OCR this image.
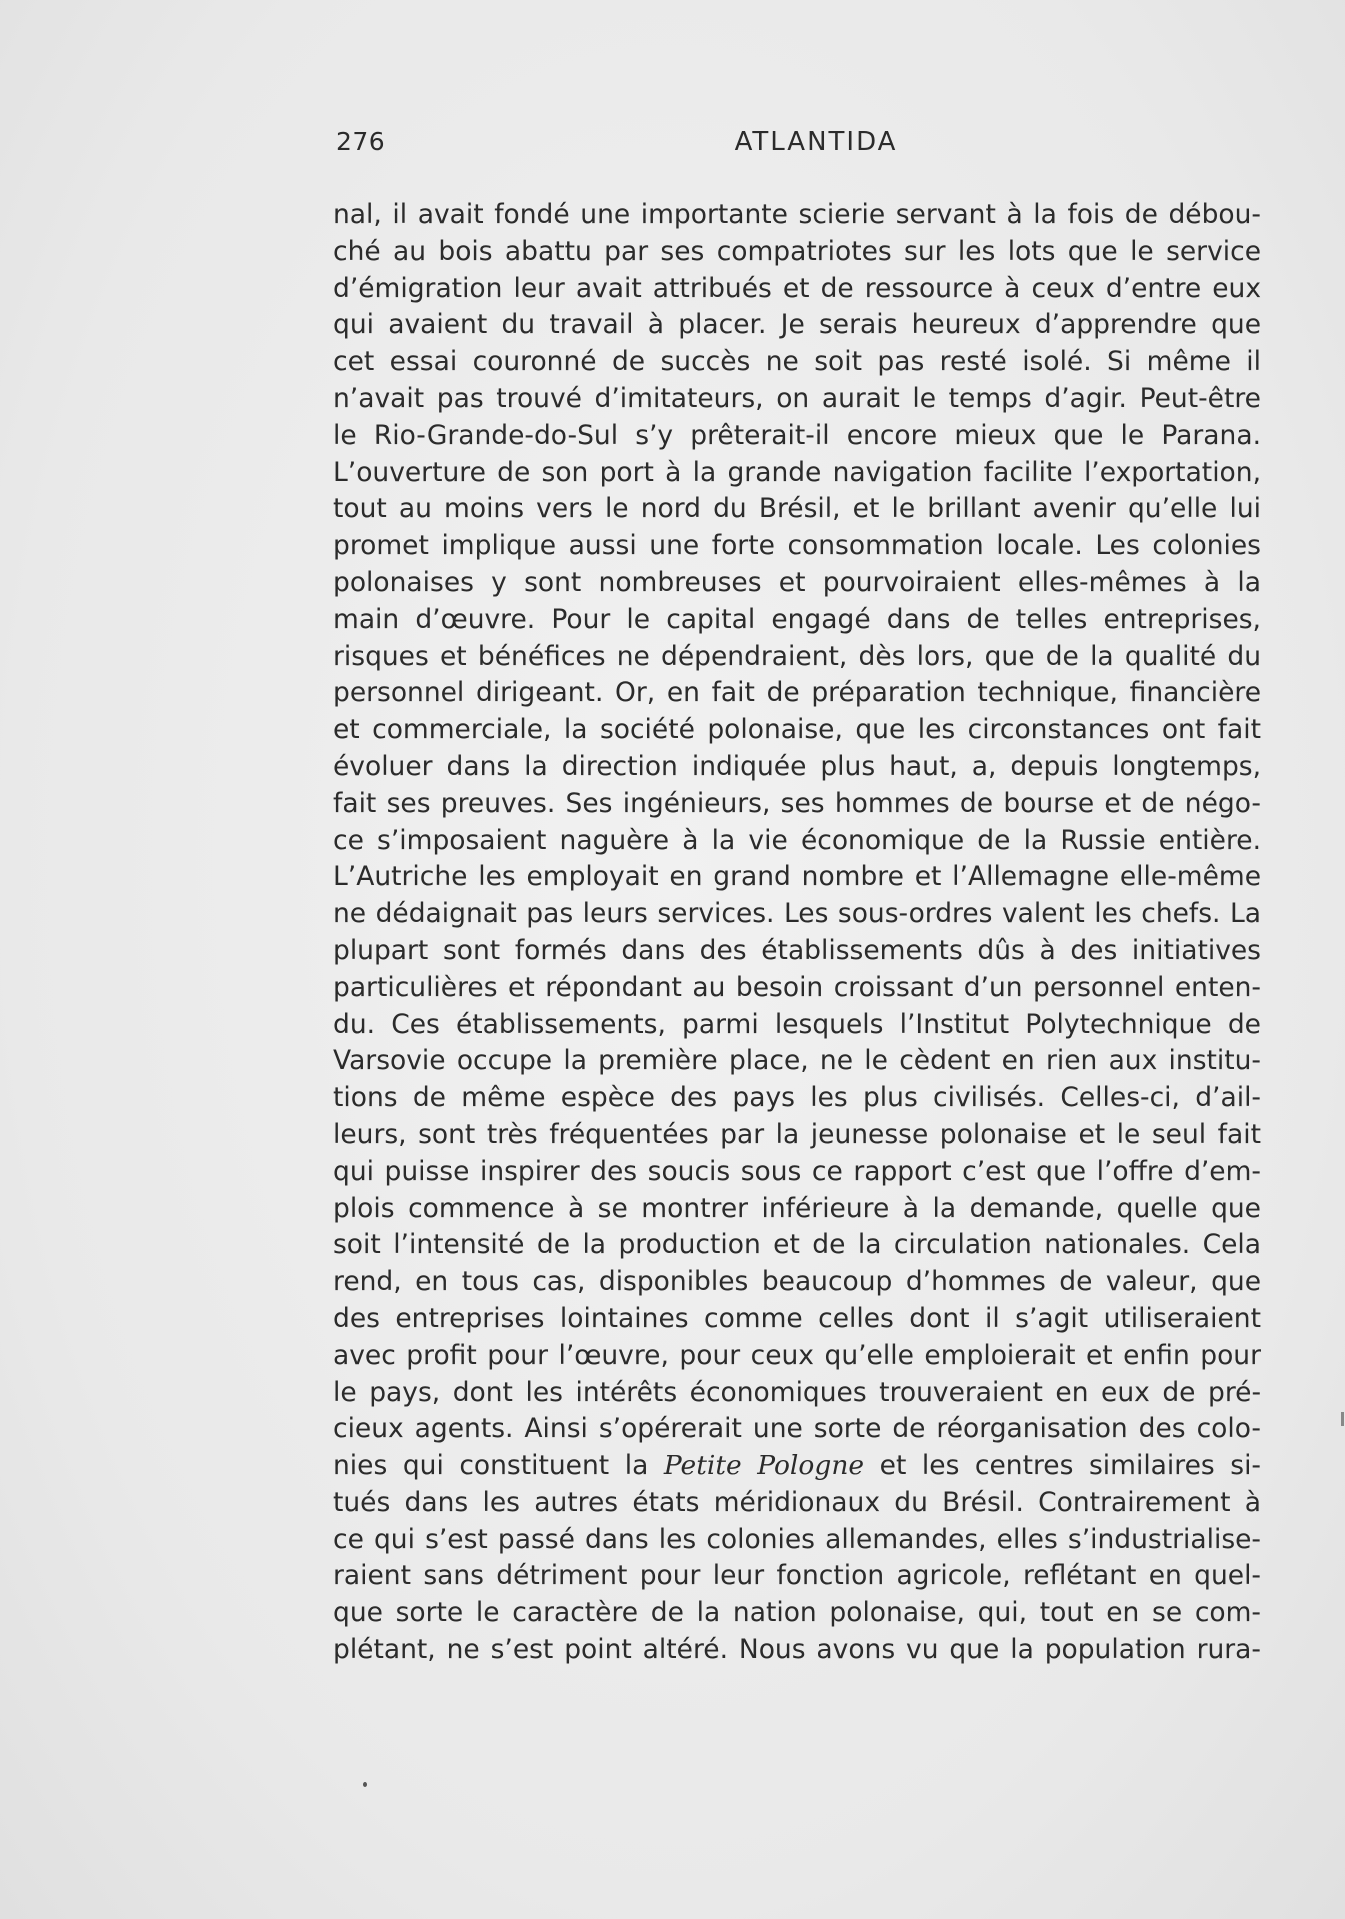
276	ATLANTIDA
nal, il avait fondé une importante scierie servant à la fois de débou-
ché au bois abattu par ses compatriotes sur les lots que le service
d’émigration leur avait attribués et de ressource à ceux d’entre eux
qui avaient du travail à placer. Je serais heureux d’apprendre que
cet essai couronné de succès ne soit pas resté isolé. Si même il
n’avait pas trouvé d’imitateurs, on aurait le temps d’agir. Peut-être
le Rio-Grande-do-Sul s’y prêterait-il encore mieux que le Parana.
L’ouverture de son port à la grande navigation facilite l’exportation,
tout au moins vers le nord du Brésil, et le brillant avenir qu’elle lui
promet implique aussi une forte consommation locale. Les colonies
polonaises y sont nombreuses et pourvoiraient elles-mêmes à la
main d’œuvre. Pour le capital engagé dans de telles entreprises,
risques et bénéfices ne dépendraient, dès lors, que de la qualité du
personnel dirigeant. Or, en fait de préparation technique, financière
et commerciale, la société polonaise, que les circonstances ont fait
évoluer dans la direction indiquée plus haut, a, depuis longtemps,
fait ses preuves. Ses ingénieurs, ses hommes de bourse et de négo-
ce s’imposaient naguère à la vie économique de la Russie entière.
L’Autriche les employait en grand nombre et l’Allemagne elle-même
ne dédaignait pas leurs services. Les sous-ordres valent les chefs. La
plupart sont formés dans des établissements dûs à des initiatives
particulières et répondant au besoin croissant d’un personnel enten-
du. Ces établissements, parmi lesquels l’Institut Polytechnique de
Varsovie occupe la première place, ne le cèdent en rien aux institu-
tions de même espèce des pays les plus civilisés. Celles-ci, d’ail-
leurs, sont très fréquentées par la jeunesse polonaise et le seul fait
qui puisse inspirer des soucis sous ce rapport c’est que l’offre d’em-
plois commence à se montrer inférieure à la demande, quelle que
soit l’intensité de la production et de la circulation nationales. Cela
rend, en tous cas, disponibles beaucoup d’hommes de valeur, que
des entreprises lointaines comme celles dont il s’agit utiliseraient
avec profit pour l’œuvre, pour ceux qu’elle emploierait et enfin pour
le pays, dont les intérêts économiques trouveraient en eux de pré-
cieux agents. Ainsi s’opérerait une sorte de réorganisation des colo-
nies qui constituent la Petite Pologne et les centres similaires si-
tués dans les autres états méridionaux du Brésil. Contrairement à
ce qui s’est passé dans les colonies allemandes, elles s’industrialise-
raient sans détriment pour leur fonction agricole, reflétant en quel-
que sorte le caractère de la nation polonaise, qui, tout en se com-
plétant, ne s’est point altéré. Nous avons vu que la population rura-
